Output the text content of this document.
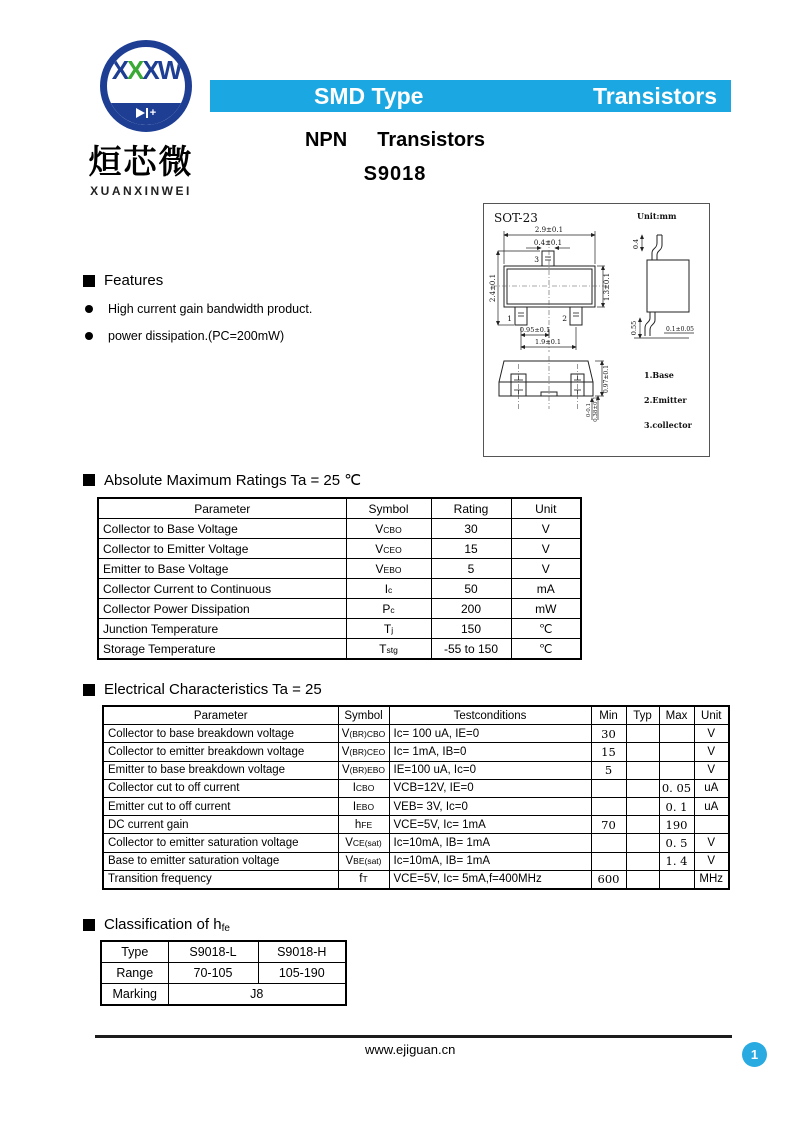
XXXW
+
烜芯微
XUANXINWEI
SMD Type	Transistors
NPN Transistors
S9018
SOT-23	Unit:mm
2.9±0.1
0.4±0.1
2.4±0.1	1.3±0.1
0.95±0.1
1.9±0.1
3
1	2
0.4
0.55	0.1±0.05
0.97±0.1
0-0.1 0.38±0.1
1.Base
2.Emitter
3.collector
Features
High current gain bandwidth product.
power dissipation.(PC=200mW)
Absolute Maximum Ratings Ta = 25 ℃
Parameter	Symbol	Rating	Unit
Collector to Base Voltage	VCBO	30	V
Collector to Emitter Voltage	VCEO	15	V
Emitter to Base Voltage	VEBO	5	V
Collector Current to Continuous	Ic	50	mA
Collector Power Dissipation	Pc	200	mW
Junction Temperature	Tj	150	℃
Storage Temperature	Tstg	-55 to 150	℃
Electrical Characteristics Ta = 25
Parameter	Symbol	Testconditions	Min	Typ	Max	Unit
Collector to base breakdown voltage	V(BR)CBO	Ic= 100 uA, IE=0	30			V
Collector to emitter breakdown voltage	V(BR)CEO	Ic= 1mA, IB=0	15			V
Emitter to base breakdown voltage	V(BR)EBO	IE=100 uA, Ic=0	5			V
Collector cut to off current	ICBO	VCB=12V, IE=0			0. 05	uA
Emitter cut to off current	IEBO	VEB= 3V, Ic=0			0. 1	uA
DC current gain	hFE	VCE=5V, Ic= 1mA	70		190	
Collector to emitter saturation voltage	VCE(sat)	Ic=10mA, IB= 1mA			0. 5	V
Base to emitter saturation voltage	VBE(sat)	Ic=10mA, IB= 1mA			1. 4	V
Transition frequency	fT	VCE=5V, Ic= 5mA,f=400MHz	600			MHz
Classification of hfe
Type	S9018-L	S9018-H
Range	70-105	105-190
Marking	J8	
www.ejiguan.cn	1
